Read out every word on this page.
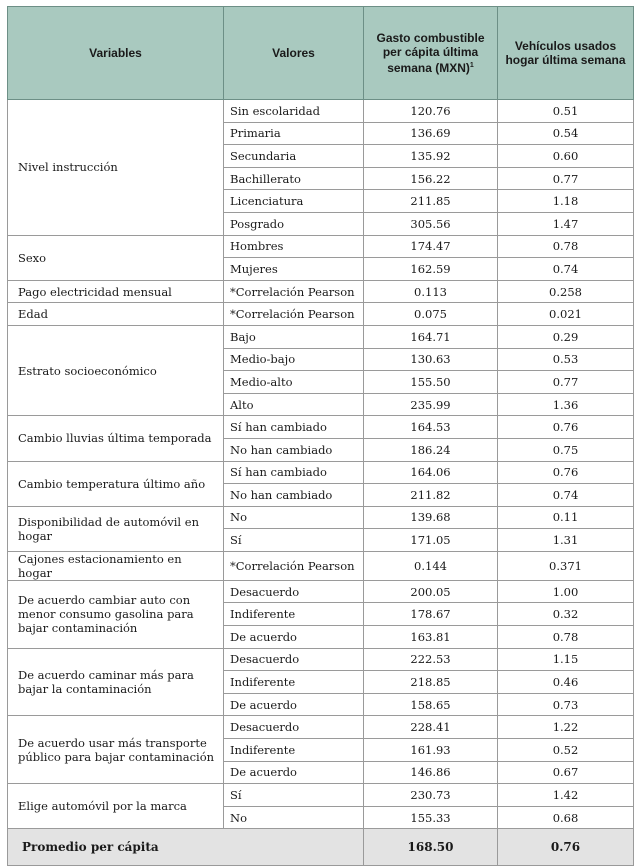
Variables	Valores	Gasto combustible per cápita última semana (MXN)$^1$	Vehículos usados hogar última semana
Nivel instrucción	Sin escolaridad	120.76	0.51
	Primaria	136.69	0.54
	Secundaria	135.92	0.60
	Bachillerato	156.22	0.77
	Licenciatura	211.85	1.18
	Posgrado	305.56	1.47
Sexo	Hombres	174.47	0.78
	Mujeres	162.59	0.74
Pago electricidad mensual	*Correlación Pearson	0.113	0.258
Edad	*Correlación Pearson	0.075	0.021
Estrato socioeconómico	Bajo	164.71	0.29
	Medio-bajo	130.63	0.53
	Medio-alto	155.50	0.77
	Alto	235.99	1.36
Cambio lluvias última temporada	Sí han cambiado	164.53	0.76
	No han cambiado	186.24	0.75
Cambio temperatura último año	Sí han cambiado	164.06	0.76
	No han cambiado	211.82	0.74
Disponibilidad de automóvil en hogar	No	139.68	0.11
	Sí	171.05	1.31
Cajones estacionamiento en hogar	*Correlación Pearson	0.144	0.371
De acuerdo cambiar auto con menor consumo gasolina para bajar contaminación	Desacuerdo	200.05	1.00
	Indiferente	178.67	0.32
	De acuerdo	163.81	0.78
De acuerdo caminar más para bajar la contaminación	Desacuerdo	222.53	1.15
	Indiferente	218.85	0.46
	De acuerdo	158.65	0.73
De acuerdo usar más transporte público para bajar contaminación	Desacuerdo	228.41	1.22
	Indiferente	161.93	0.52
	De acuerdo	146.86	0.67
Elige automóvil por la marca	Sí	230.73	1.42
	No	155.33	0.68
Promedio per cápita		168.50	0.76
